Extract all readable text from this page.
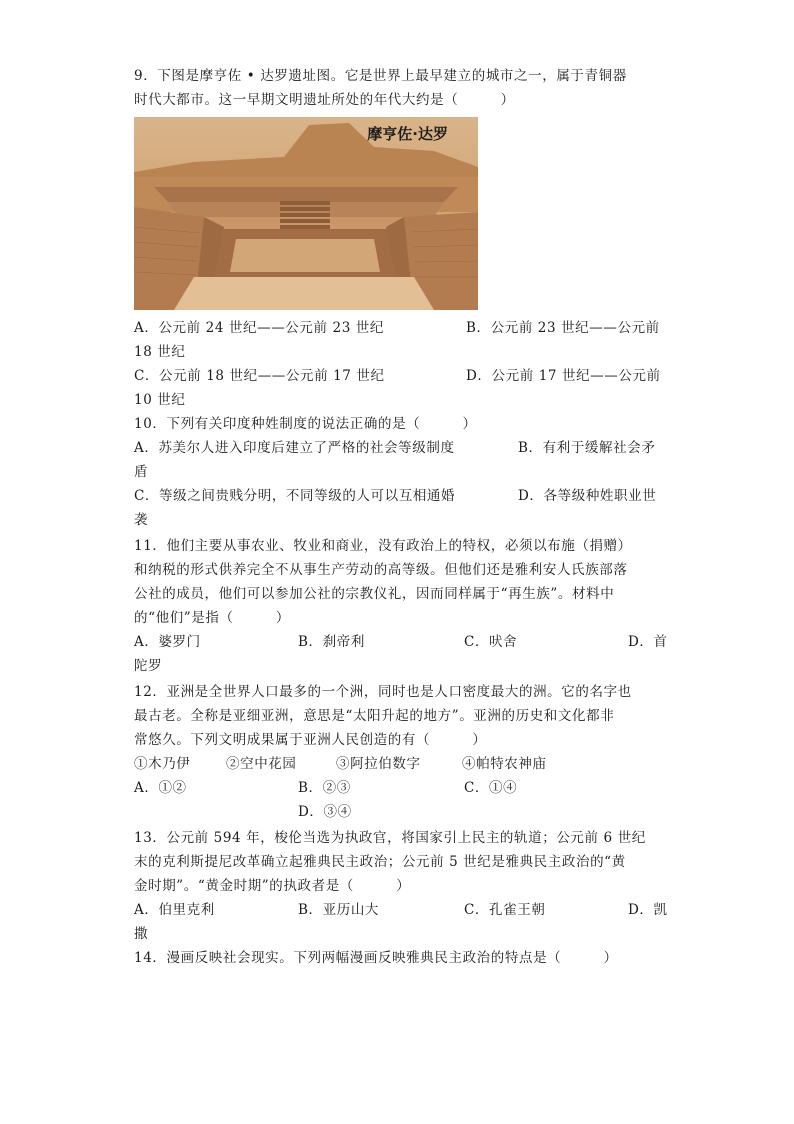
9．下图是摩亨佐 • 达罗遗址图。它是世界上最早建立的城市之一，属于青铜器
时代大都市。这一早期文明遗址所处的年代大约是（　　　）
摩亨佐·达罗
A．公元前 24 世纪——公元前 23 世纪	B．公元前 23 世纪——公元前
18 世纪
C．公元前 18 世纪——公元前 17 世纪	D．公元前 17 世纪——公元前
10 世纪
10．下列有关印度种姓制度的说法正确的是（　　　）
A．苏美尔人进入印度后建立了严格的社会等级制度	B．有利于缓解社会矛
盾
C．等级之间贵贱分明，不同等级的人可以互相通婚	D．各等级种姓职业世
袭
11．他们主要从事农业、牧业和商业，没有政治上的特权，必须以布施（捐赠）
和纳税的形式供养完全不从事生产劳动的高等级。但他们还是雅利安人氏族部落
公社的成员，他们可以参加公社的宗教仪礼，因而同样属于“再生族”。材料中
的“他们”是指（　　　）
A．婆罗门	B．刹帝利	C．吠舍	D．首
陀罗
12．亚洲是全世界人口最多的一个洲，同时也是人口密度最大的洲。它的名字也
最古老。全称是亚细亚洲，意思是“太阳升起的地方”。亚洲的历史和文化都非
常悠久。下列文明成果属于亚洲人民创造的有（　　　）
①木乃伊	②空中花园	③阿拉伯数字	④帕特农神庙
A．①②	B．②③	C．①④
D．③④
13．公元前 594 年，梭伦当选为执政官，将国家引上民主的轨道；公元前 6 世纪
末的克利斯提尼改革确立起雅典民主政治；公元前 5 世纪是雅典民主政治的“黄
金时期”。“黄金时期”的执政者是（　　　）
A．伯里克利	B．亚历山大	C．孔雀王朝	D．凯
撒
14．漫画反映社会现实。下列两幅漫画反映雅典民主政治的特点是（　　　）
